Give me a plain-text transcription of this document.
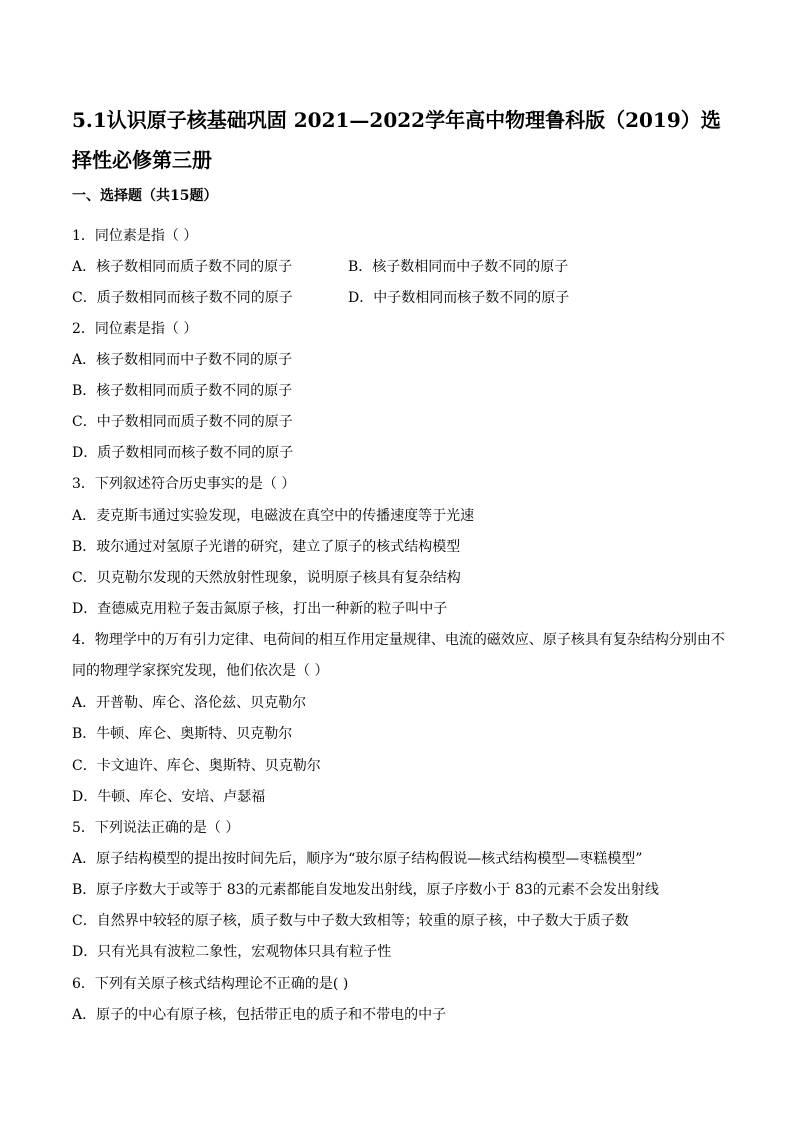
5.1认识原子核基础巩固 2021—2022学年高中物理鲁科版（2019）选择性必修第三册
一、选择题（共15题）
1．同位素是指（ ）
A．核子数相同而质子数不同的原子	B．核子数相同而中子数不同的原子
C．质子数相同而核子数不同的原子	D．中子数相同而核子数不同的原子
2．同位素是指（ ）
A．核子数相同而中子数不同的原子
B．核子数相同而质子数不同的原子
C．中子数相同而质子数不同的原子
D．质子数相同而核子数不同的原子
3．下列叙述符合历史事实的是（ ）
A．麦克斯韦通过实验发现，电磁波在真空中的传播速度等于光速
B．玻尔通过对氢原子光谱的研究，建立了原子的核式结构模型
C．贝克勒尔发现的天然放射性现象，说明原子核具有复杂结构
D．查德威克用粒子轰击氮原子核，打出一种新的粒子叫中子
4．物理学中的万有引力定律、电荷间的相互作用定量规律、电流的磁效应、原子核具有复杂结构分别由不同的物理学家探究发现，他们依次是（ ）
A．开普勒、库仑、洛伦兹、贝克勒尔
B．牛顿、库仑、奥斯特、贝克勒尔
C．卡文迪许、库仑、奥斯特、贝克勒尔
D．牛顿、库仑、安培、卢瑟福
5．下列说法正确的是（ ）
A．原子结构模型的提出按时间先后，顺序为“玻尔原子结构假说—核式结构模型—枣糕模型”
B．原子序数大于或等于 83的元素都能自发地发出射线，原子序数小于 83的元素不会发出射线
C．自然界中较轻的原子核，质子数与中子数大致相等；较重的原子核，中子数大于质子数
D．只有光具有波粒二象性，宏观物体只具有粒子性
6．下列有关原子核式结构理论不正确的是( )
A．原子的中心有原子核，包括带正电的质子和不带电的中子
